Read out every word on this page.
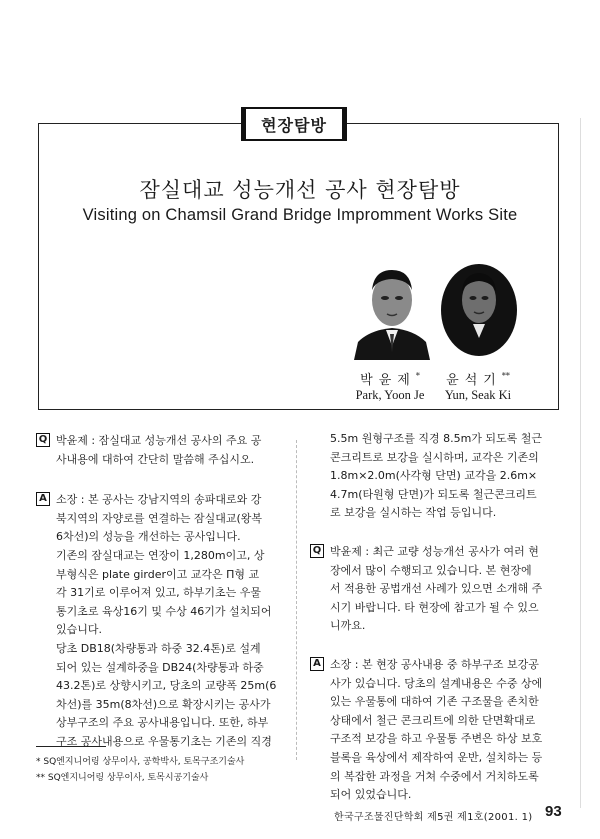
현장탐방
잠실대교 성능개선 공사 현장탐방
Visiting on Chamsil Grand Bridge Impromment Works Site
박윤제*	윤석기**
Park, Yoon Je	Yun, Seak Ki
Q 박윤제 : 잠실대교 성능개선 공사의 주요 공

사내용에 대하여 간단히 말씀해 주십시오.

A 소장 : 본 공사는 강남지역의 송파대로와 강

북지역의 자양로를 연결하는 잠실대교(왕복

6차선)의 성능을 개선하는 공사입니다.

기존의 잠실대교는 연장이 1,280m이고, 상

부형식은 plate girder이고 교각은 Π형 교

각 31기로 이루어져 있고, 하부기초는 우물

통기초로 육상16기 및 수상 46기가 설치되어

있습니다.

당초 DB18(차량통과 하중 32.4톤)로 설계

되어 있는 설계하중을 DB24(차량통과 하중

43.2톤)로 상향시키고, 당초의 교량폭 25m(6

차선)를 35m(8차선)으로 확장시키는 공사가

상부구조의 주요 공사내용입니다. 또한, 하부

구조 공사내용으로 우물통기초는 기존의 직경

5.5m 원형구조를 직경 8.5m가 되도록 철근

콘크리트로 보강을 실시하며, 교각은 기존의

1.8m×2.0m(사각형 단면) 교각을 2.6m×

4.7m(타원형 단면)가 되도록 철근콘크리트

로 보강을 실시하는 작업 등입니다.

Q 박윤제 : 최근 교량 성능개선 공사가 여러 현

장에서 많이 수행되고 있습니다. 본 현장에

서 적용한 공법개선 사례가 있으면 소개해 주

시기 바랍니다. 타 현장에 참고가 될 수 있으

니까요.

A 소장 : 본 현장 공사내용 중 하부구조 보강공

사가 있습니다. 당초의 설계내용은 수중 상에

있는 우물통에 대하여 기존 구조물을 존치한

상태에서 철근 콘크리트에 의한 단면확대로

구조적 보강을 하고 우물통 주변은 하상 보호

블록을 육상에서 제작하여 운반, 설치하는 등

의 복잡한 과정을 거쳐 수중에서 거치하도록

되어 있었습니다.

* SQ엔지니어링 상무이사, 공학박사, 토목구조기술사
** SQ엔지니어링 상무이사, 토목시공기술사
한국구조물진단학회 제5권 제1호(2001. 1) 93
